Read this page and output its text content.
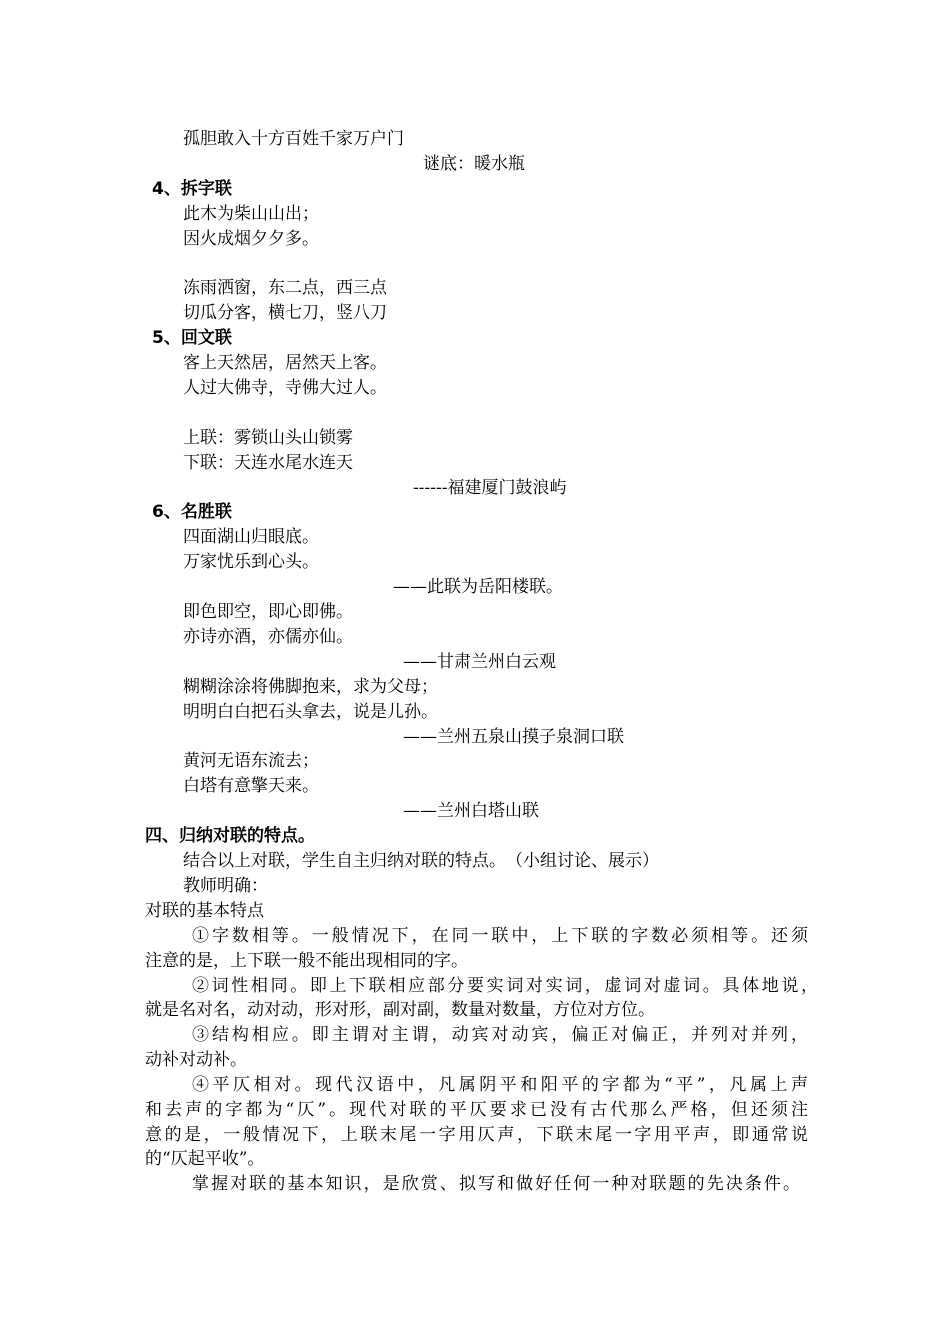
孤胆敢入十方百姓千家万户门
谜底：暖水瓶
4、拆字联
此木为柴山山出；
因火成烟夕夕多。
冻雨洒窗，东二点，西三点
切瓜分客，横七刀，竖八刀
5、回文联
客上天然居，居然天上客。
人过大佛寺，寺佛大过人。
上联：雾锁山头山锁雾
下联：天连水尾水连天
------福建厦门鼓浪屿
6、名胜联
四面湖山归眼底。
万家忧乐到心头。
——此联为岳阳楼联。
即色即空，即心即佛。
亦诗亦酒，亦儒亦仙。
——甘肃兰州白云观
糊糊涂涂将佛脚抱来，求为父母；
明明白白把石头拿去，说是儿孙。
——兰州五泉山摸子泉洞口联
黄河无语东流去；
白塔有意擎天来。
——兰州白塔山联
四、归纳对联的特点。
结合以上对联，学生自主归纳对联的特点。　（小组讨论、展示）
教师明确：
对联的基本特点
①字数相等。一般情况下，在同一联中，上下联的字数必须相等。还须
注意的是，上下联一般不能出现相同的字。
②词性相同。即上下联相应部分要实词对实词，虚词对虚词。具体地说，
就是名对名，动对动，形对形，副对副，数量对数量，方位对方位。
③结构相应。即主谓对主谓，动宾对动宾，偏正对偏正，并列对并列，
动补对动补。
④平仄相对。现代汉语中，凡属阴平和阳平的字都为“平”，凡属上声
和去声的字都为“仄”。现代对联的平仄要求已没有古代那么严格，但还须注
意的是，一般情况下，上联末尾一字用仄声，下联末尾一字用平声，即通常说
的“仄起平收”。
掌握对联的基本知识，是欣赏、拟写和做好任何一种对联题的先决条件。
